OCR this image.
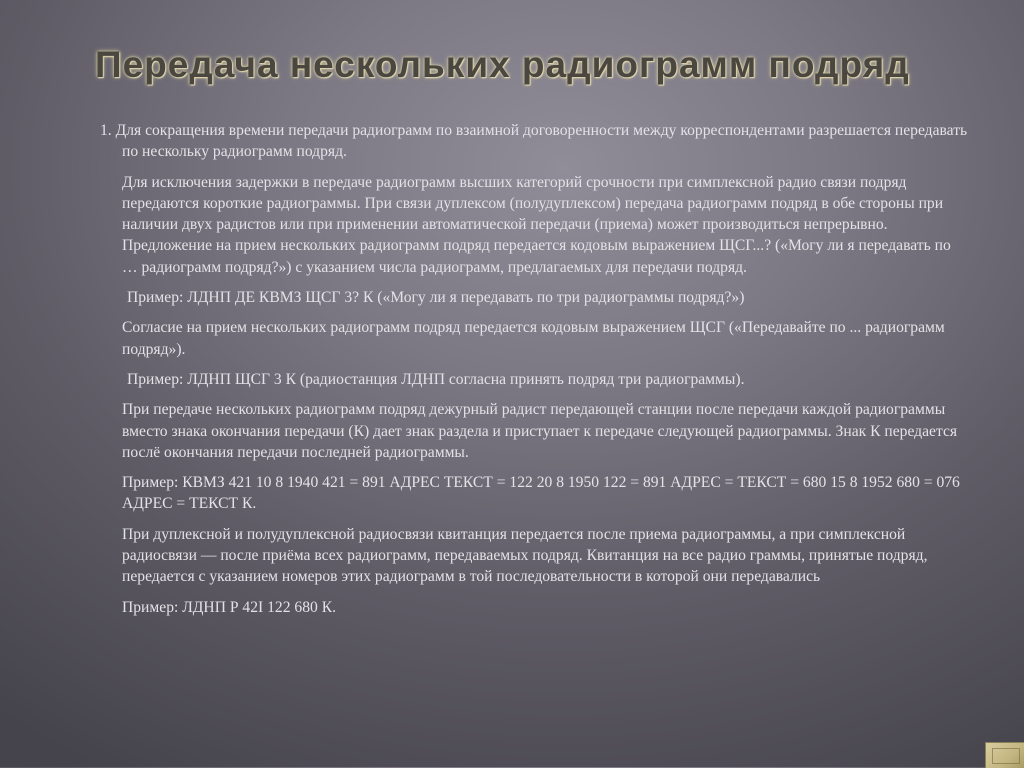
Передача нескольких радиограмм подряд

1. Для сокращения времени передачи радиограмм по взаимной договоренности между корреспондентами разрешается передавать по нескольку радиограмм подряд.

Для исключения задержки в передаче радиограмм высших категорий срочности при симплексной радио связи подряд передаются короткие радиограммы. При связи дуплексом (полудуплексом) передача радиограмм подряд в обе стороны при наличии двух радистов или при применении автоматической передачи (приема) может производиться непрерывно. Предложение на прием нескольких радиограмм подряд передается кодовым выражением ЩСГ...? («Могу ли я передавать по … радиограмм подряд?») с указанием числа радиограмм, предлагаемых для передачи подряд.

Пример: ЛДНП ДЕ КВМЗ ЩСГ 3? К («Могу ли я передавать по три радиограммы подряд?»)

Согласие на прием нескольких радиограмм подряд передается кодовым выражением ЩСГ («Передавайте по ... радиограмм подряд»).

Пример: ЛДНП ЩСГ 3 К (радиостанция ЛДНП согласна принять подряд три радиограммы).

При передаче нескольких радиограмм подряд дежурный радист передающей станции после передачи каждой радиограммы вместо знака окончания передачи (К) дает знак раздела и приступает к передаче следующей радиограммы. Знак К передается послё окончания передачи последней радиограммы.

Пример: КВМЗ 421 10 8 1940 421 = 891 АДРЕС ТЕКСТ = 122 20 8 1950 122 = 891 АДРЕС = ТЕКСТ = 680 15 8 1952 680 = 076 АДРЕС = ТЕКСТ К.

При дуплексной и полудуплексной радиосвязи квитанция передается после приема радиограммы, а при симплексной радиосвязи — после приёма всех радиограмм, передаваемых подряд. Квитанция на все радио граммы, принятые подряд, передается с указанием номеров этих радиограмм в той последовательности в которой они передавались

Пример: ЛДНП Р 42I 122 680 К.
